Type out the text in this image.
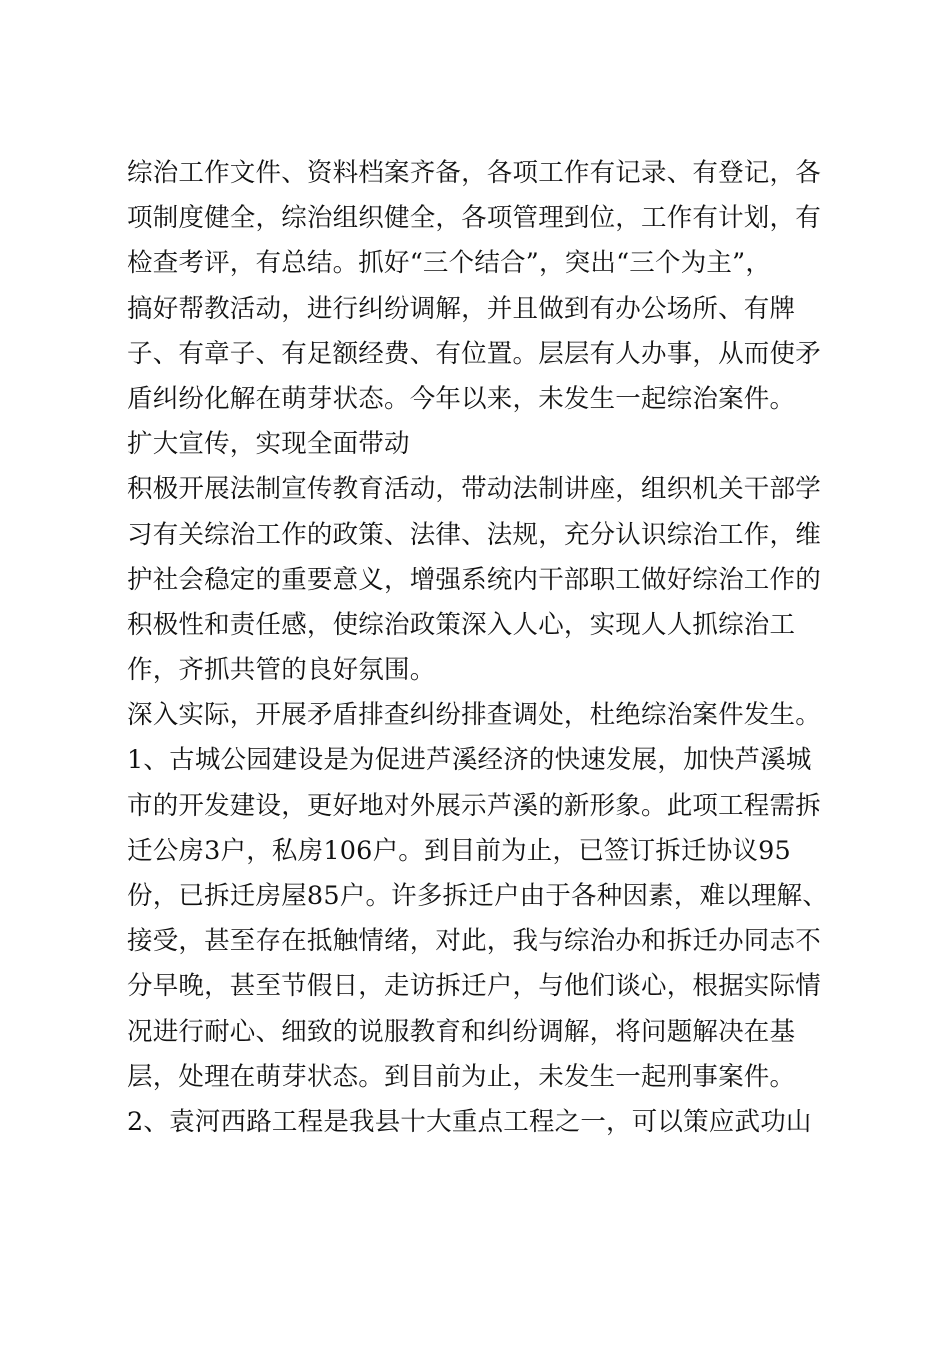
综治工作文件、资料档案齐备，各项工作有记录、有登记，各
项制度健全，综治组织健全，各项管理到位，工作有计划，有
检查考评，有总结。抓好“三个结合”，突出“三个为主”，
搞好帮教活动，进行纠纷调解，并且做到有办公场所、有牌
子、有章子、有足额经费、有位置。层层有人办事，从而使矛
盾纠纷化解在萌芽状态。今年以来，未发生一起综治案件。
扩大宣传，实现全面带动
积极开展法制宣传教育活动，带动法制讲座，组织机关干部学
习有关综治工作的政策、法律、法规，充分认识综治工作，维
护社会稳定的重要意义，增强系统内干部职工做好综治工作的
积极性和责任感，使综治政策深入人心，实现人人抓综治工
作，齐抓共管的良好氛围。
深入实际，开展矛盾排查纠纷排查调处，杜绝综治案件发生。
1、古城公园建设是为促进芦溪经济的快速发展，加快芦溪城
市的开发建设，更好地对外展示芦溪的新形象。此项工程需拆
迁公房3户，私房106户。到目前为止，已签订拆迁协议95
份，已拆迁房屋85户。许多拆迁户由于各种因素，难以理解、
接受，甚至存在抵触情绪，对此，我与综治办和拆迁办同志不
分早晚，甚至节假日，走访拆迁户，与他们谈心，根据实际情
况进行耐心、细致的说服教育和纠纷调解，将问题解决在基
层，处理在萌芽状态。到目前为止，未发生一起刑事案件。
2、袁河西路工程是我县十大重点工程之一，可以策应武功山
